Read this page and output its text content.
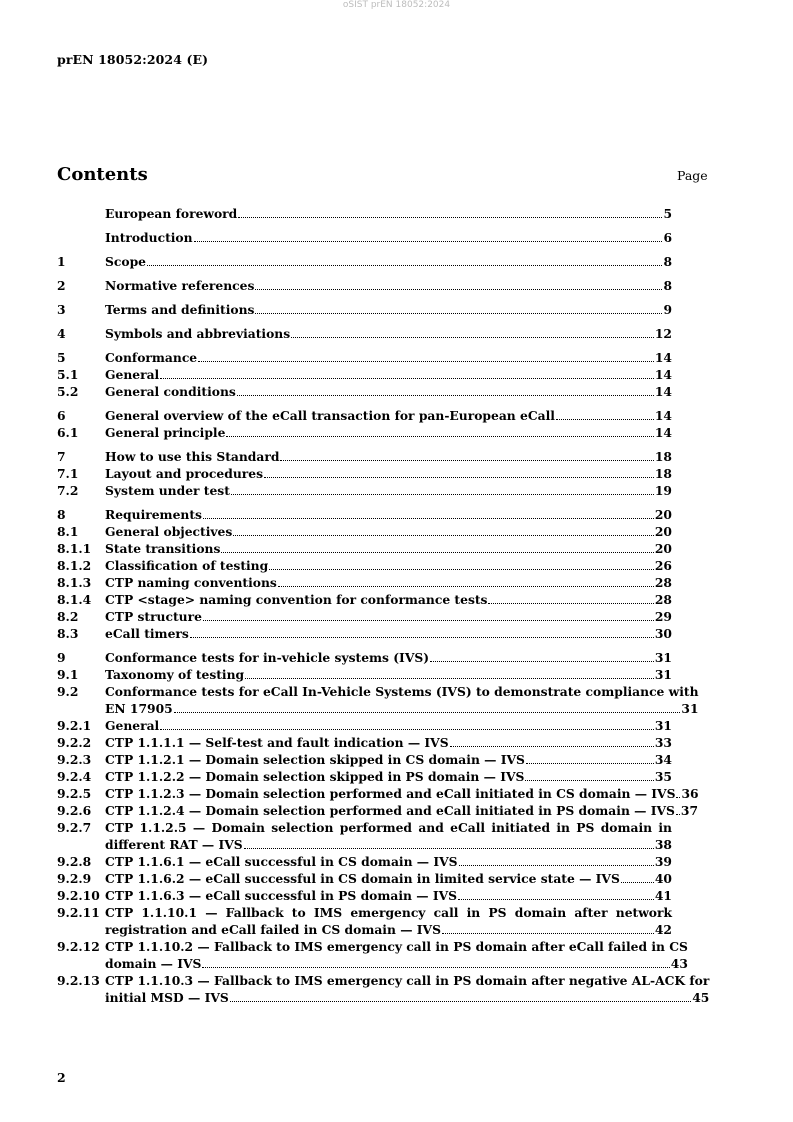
oSIST prEN 18052:2024
prEN 18052:2024 (E)
Contents	Page
European foreword	5
Introduction	6
1	Scope	8
2	Normative references	8
3	Terms and definitions	9
4	Symbols and abbreviations	12
5	Conformance	14
5.1	General	14
5.2	General conditions	14
6	General overview of the eCall transaction for pan-European eCall	14
6.1	General principle	14
7	How to use this Standard	18
7.1	Layout and procedures	18
7.2	System under test	19
8	Requirements	20
8.1	General objectives	20
8.1.1	State transitions	20
8.1.2	Classification of testing	26
8.1.3	CTP naming conventions	28
8.1.4	CTP <stage> naming convention for conformance tests	28
8.2	CTP structure	29
8.3	eCall timers	30
9	Conformance tests for in-vehicle systems (IVS)	31
9.1	Taxonomy of testing	31
9.2	Conformance tests for eCall In-Vehicle Systems (IVS) to demonstrate compliance with
EN 17905	31
9.2.1	General	31
9.2.2	CTP 1.1.1.1 — Self-test and fault indication — IVS	33
9.2.3	CTP 1.1.2.1 — Domain selection skipped in CS domain — IVS	34
9.2.4	CTP 1.1.2.2 — Domain selection skipped in PS domain — IVS	35
9.2.5	CTP 1.1.2.3 — Domain selection performed and eCall initiated in CS domain — IVS 36
9.2.6	CTP 1.1.2.4 — Domain selection performed and eCall initiated in PS domain — IVS 37
9.2.7	CTP 1.1.2.5 — Domain selection performed and eCall initiated in PS domain in
different RAT — IVS	38
9.2.8	CTP 1.1.6.1 — eCall successful in CS domain — IVS	39
9.2.9	CTP 1.1.6.2 — eCall successful in CS domain in limited service state — IVS	40
9.2.10 CTP 1.1.6.3 — eCall successful in PS domain — IVS	41
9.2.11 CTP 1.1.10.1 — Fallback to IMS emergency call in PS domain after network
registration and eCall failed in CS domain — IVS	42
9.2.12 CTP 1.1.10.2 — Fallback to IMS emergency call in PS domain after eCall failed in CS
domain — IVS	43
9.2.13 CTP 1.1.10.3 — Fallback to IMS emergency call in PS domain after negative AL-ACK for
initial MSD — IVS	45
2
